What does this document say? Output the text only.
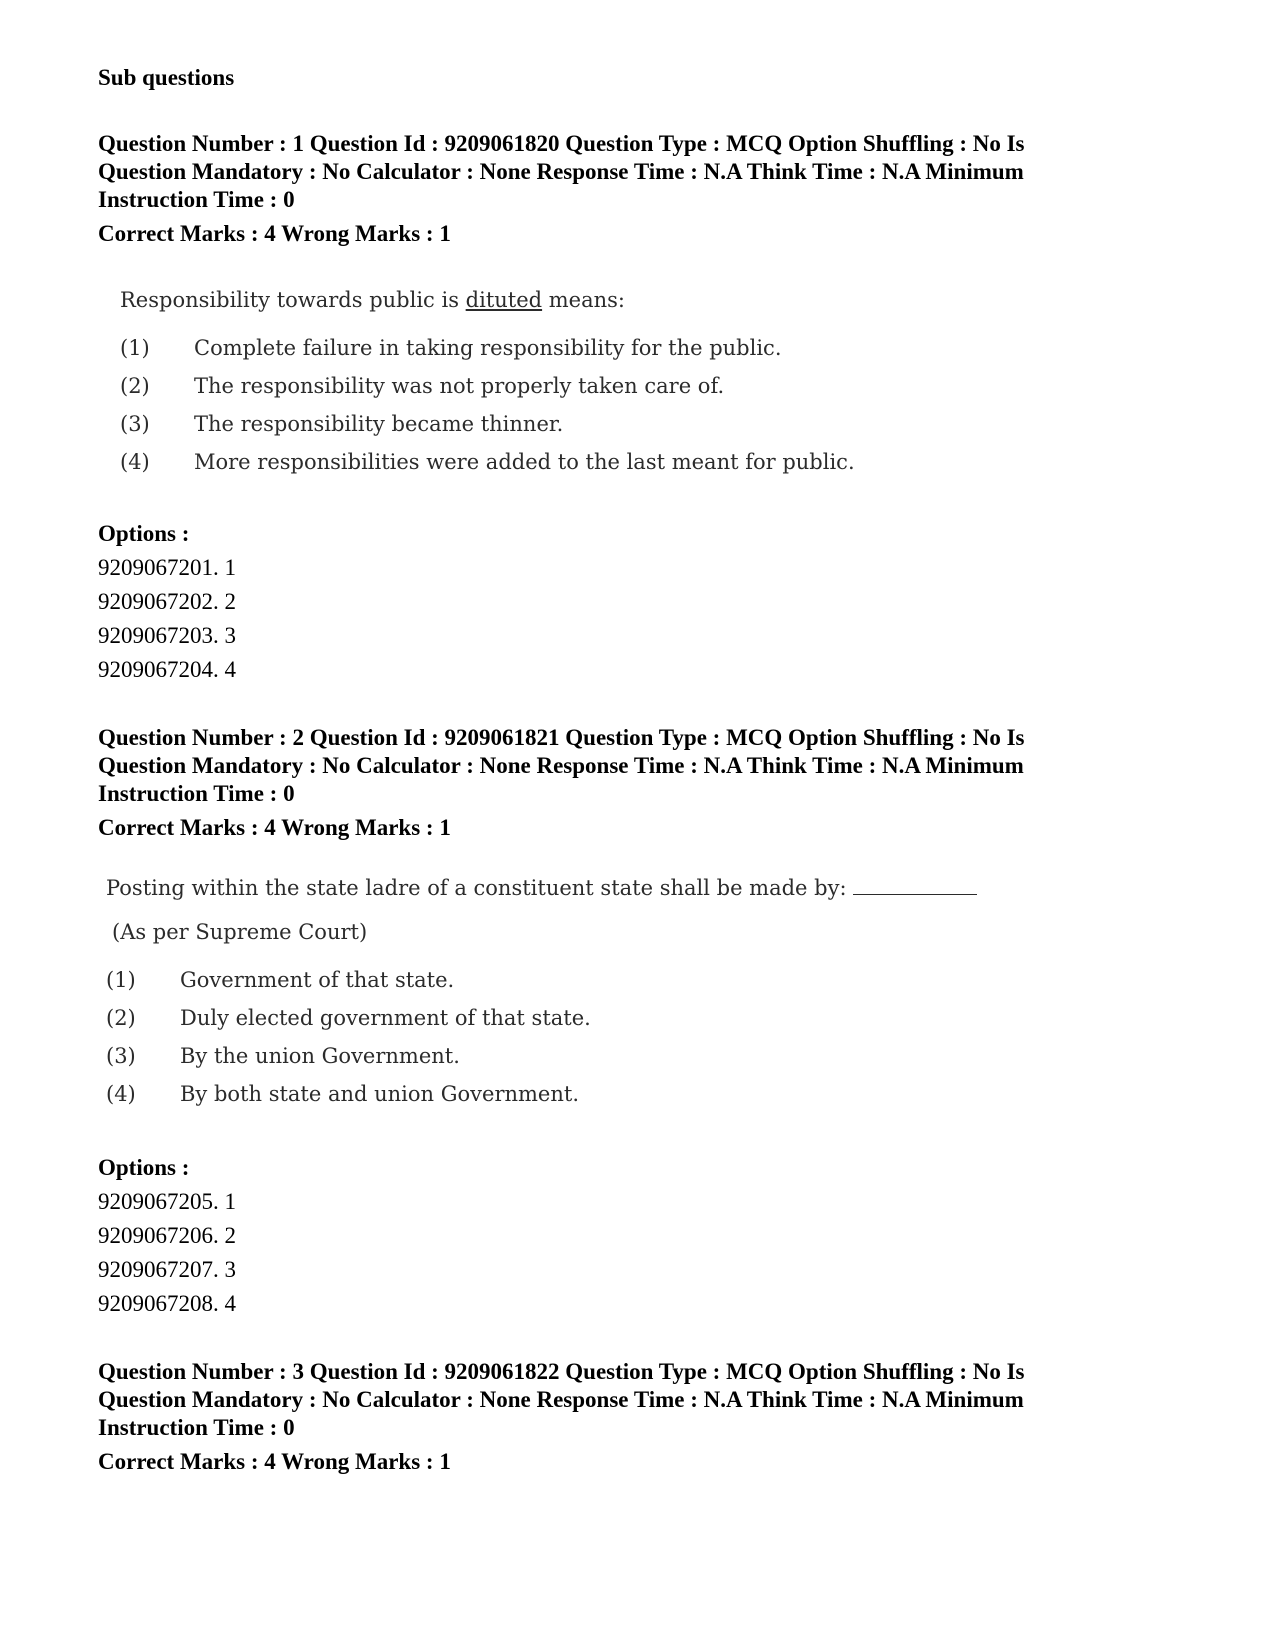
Sub questions
Question Number : 1 Question Id : 9209061820 Question Type : MCQ Option Shuffling : No Is
Question Mandatory : No Calculator : None Response Time : N.A Think Time : N.A Minimum
Instruction Time : 0
Correct Marks : 4 Wrong Marks : 1
Responsibility towards public is dituted means:
(1)	Complete failure in taking responsibility for the public.
(2)	The responsibility was not properly taken care of.
(3)	The responsibility became thinner.
(4)	More responsibilities were added to the last meant for public.
Options :
9209067201. 1
9209067202. 2
9209067203. 3
9209067204. 4
Question Number : 2 Question Id : 9209061821 Question Type : MCQ Option Shuffling : No Is
Question Mandatory : No Calculator : None Response Time : N.A Think Time : N.A Minimum
Instruction Time : 0
Correct Marks : 4 Wrong Marks : 1
Posting within the state ladre of a constituent state shall be made by:
(As per Supreme Court)
(1)	Government of that state.
(2)	Duly elected government of that state.
(3)	By the union Government.
(4)	By both state and union Government.
Options :
9209067205. 1
9209067206. 2
9209067207. 3
9209067208. 4
Question Number : 3 Question Id : 9209061822 Question Type : MCQ Option Shuffling : No Is
Question Mandatory : No Calculator : None Response Time : N.A Think Time : N.A Minimum
Instruction Time : 0
Correct Marks : 4 Wrong Marks : 1
